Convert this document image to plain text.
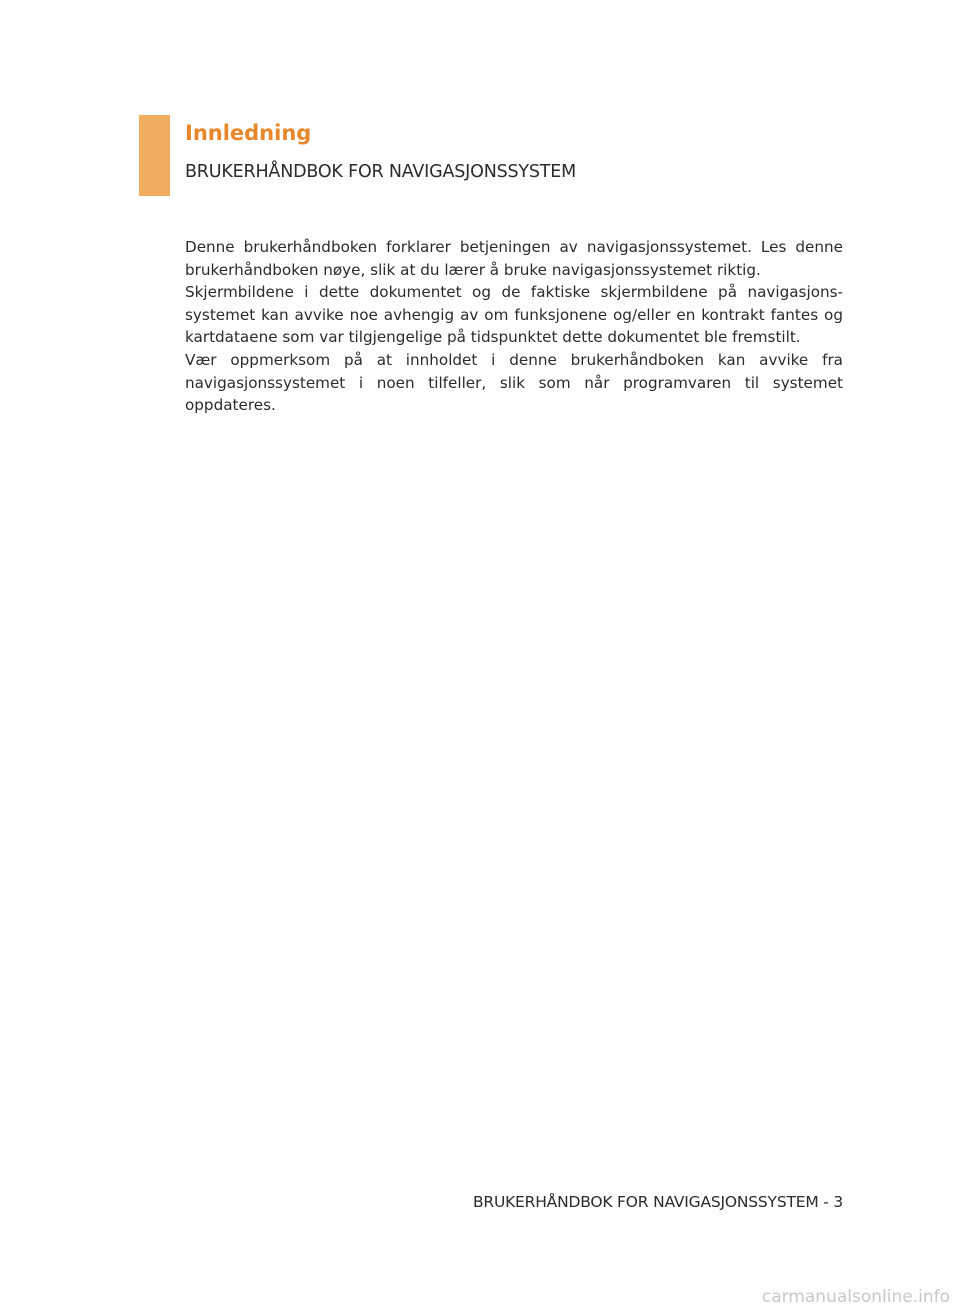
Innledning
BRUKERHÅNDBOK FOR NAVIGASJONSSYSTEM

Denne brukerhåndboken forklarer betjeningen av navigasjonssystemet. Les denne brukerhåndboken nøye, slik at du lærer å bruke navigasjonssystemet riktig.

Skjermbildene i dette dokumentet og de faktiske skjermbildene på navigasjons-systemet kan avvike noe avhengig av om funksjonene og/eller en kontrakt fantes og kartdataene som var tilgjengelige på tidspunktet dette dokumentet ble fremstilt.

Vær oppmerksom på at innholdet i denne brukerhåndboken kan avvike fra navigasjonssystemet i noen tilfeller, slik som når programvaren til systemet oppdateres.

BRUKERHÅNDBOK FOR NAVIGASJONSSYSTEM - 3
carmanualsonline.info
